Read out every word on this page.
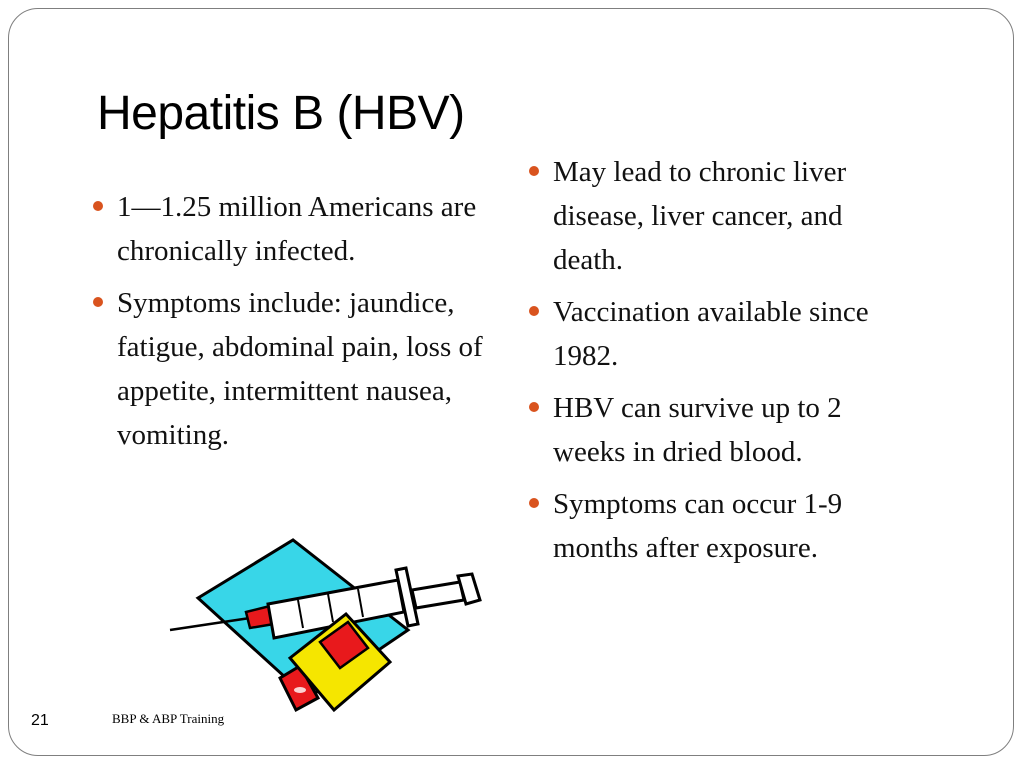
Hepatitis B (HBV)
1—1.25 million Americans are chronically infected.
Symptoms include: jaundice, fatigue, abdominal pain, loss of appetite, intermittent nausea, vomiting.
May lead to chronic liver disease, liver cancer, and death.
Vaccination available since 1982.
HBV can survive up to 2 weeks in dried blood.
Symptoms can occur 1-9 months after exposure.
21	BBP & ABP Training
